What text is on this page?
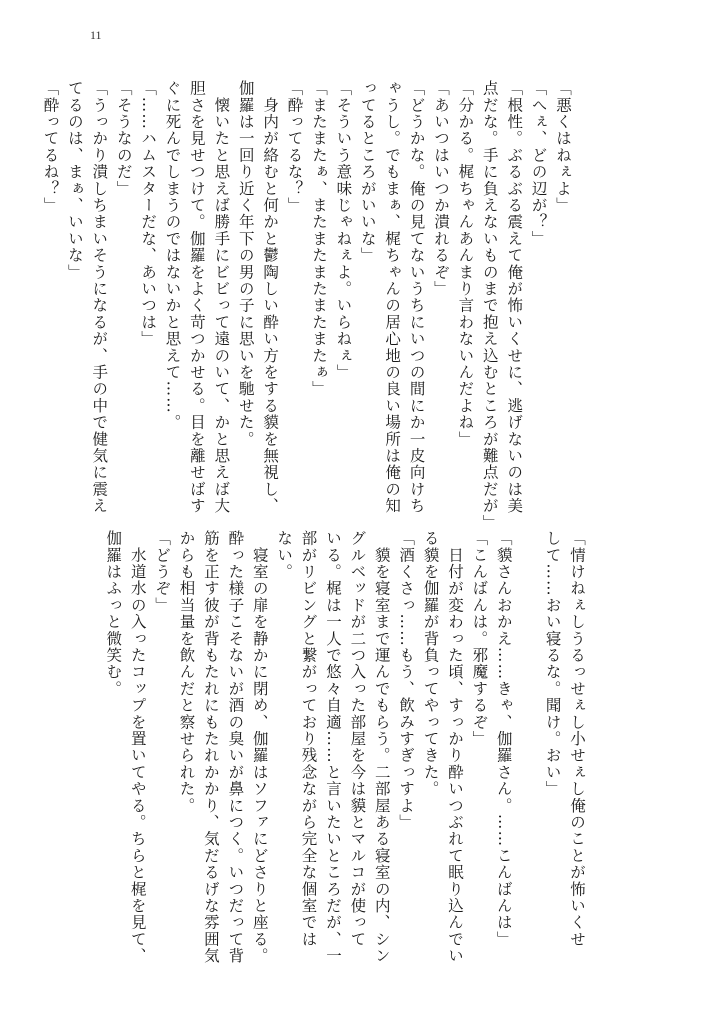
11

「悪くはねぇよ」

「へぇ、どの辺が？」

「根性。ぶるぶる震えて俺が怖いくせに、逃げないのは美

点だな。手に負えないものまで抱え込むところが難点だが」

「分かる。梶ちゃんあんまり言わないんだよね」

「あいつはいつか潰れるぞ」

「どうかな。俺の見てないうちにいつの間にか一皮向けち

ゃうし。でもまぁ、梶ちゃんの居心地の良い場所は俺の知

ってるところがいいな」

「そういう意味じゃねぇよ。いらねぇ」

「またまたぁ、またまたまたまたまたぁ」

「酔ってるな？」

　身内が絡むと何かと鬱陶しい酔い方をする貘を無視し、

伽羅は一回り近く年下の男の子に思いを馳せた。

　懐いたと思えば勝手にビビって遠のいて、かと思えば大

胆さを見せつけて。伽羅をよく苛つかせる。目を離せばす

ぐに死んでしまうのではないかと思えて……。

「……ハムスターだな、あいつは」

「そうなのだ」

「うっかり潰しちまいそうになるが、手の中で健気に震え

てるのは、まぁ、いいな」

「酔ってるね？」

「情けねぇしうるっせぇし小せぇし俺のことが怖いくせ

して……おい寝るな。聞け。おい」

「貘さんおかえ……きゃ、伽羅さん。……こんばんは」

「こんばんは。邪魔するぞ」

　日付が変わった頃、すっかり酔いつぶれて眠り込んでい

る貘を伽羅が背負ってやってきた。

「酒くさっ……もう、飲みすぎっすよ」

　貘を寝室まで運んでもらう。二部屋ある寝室の内、シン

グルベッドが二つ入った部屋を今は貘とマルコが使って

いる。梶は一人で悠々自適……と言いたいところだが、一

部がリビングと繋がっており残念ながら完全な個室では

ない。

　寝室の扉を静かに閉め、伽羅はソファにどさりと座る。

酔った様子こそないが酒の臭いが鼻につく。いつだって背

筋を正す彼が背もたれにもたれかかり、気だるげな雰囲気

からも相当量を飲んだと察せられた。

「どうぞ」

　水道水の入ったコップを置いてやる。ちらと梶を見て、

伽羅はふっと微笑む。
